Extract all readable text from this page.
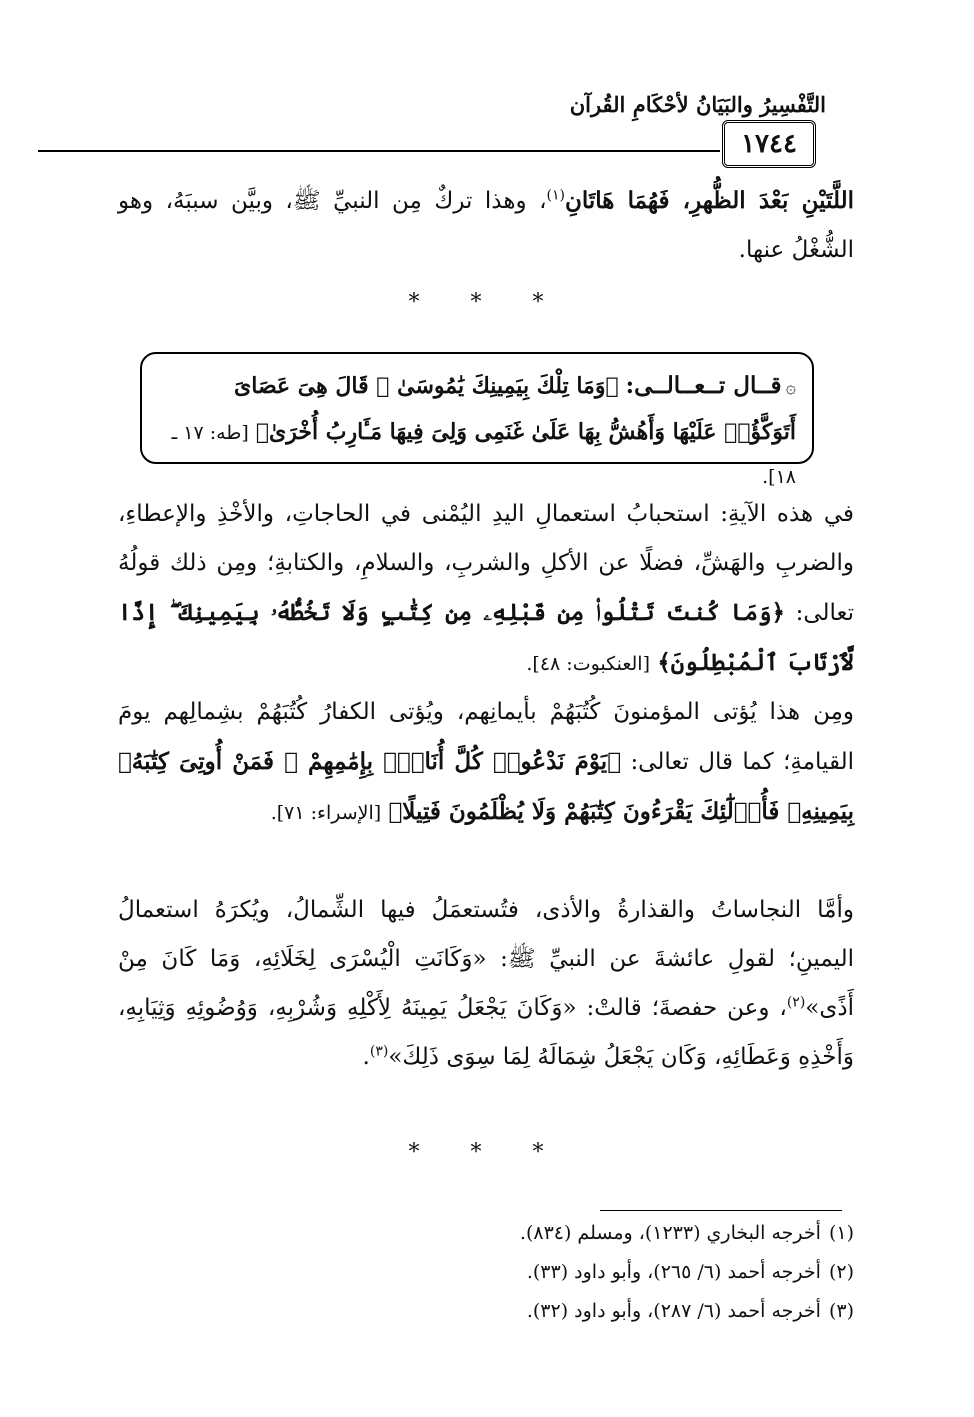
التَّفْسِيرُ والبَيَانُ لأحْكَامِ القُرآن
١٧٤٤
اللَّتَيْنِ بَعْدَ الظُّهرِ، فَهُمَا هَاتَانِ$^{(١)}$، وهذا تركٌ مِن النبيِّ ﷺ، وبيَّن سببَهُ، وهو الشُّغْلُ عنها.
* * *
۞قــال تــعــالــى: ﴿وَمَا تِلْكَ بِيَمِينِكَ يَٰمُوسَىٰ ⑰ قَالَ هِىَ عَصَاىَ أَتَوَكَّؤُا۟ عَلَيْهَا وَأَهُشُّ بِهَا عَلَىٰ غَنَمِى وَلِىَ فِيهَا مَـَٔارِبُ أُخْرَىٰ﴾ [طه: ١٧ ـ ١٨].
في هذه الآيةِ: استحبابُ استعمالِ اليدِ اليُمْنى في الحاجاتِ، والأخْذِ والإعطاءِ، والضربِ والهَشِّ، فضلًا عن الأكلِ والشربِ، والسلامِ، والكتابةِ؛ ومِن ذلك قولُهُ تعالى: ﴿وَمَا كُنتَ تَتْلُوا۟ مِن قَبْلِهِۦ مِن كِتَٰبٍ وَلَا تَخُطُّهُۥ بِيَمِينِكَ ۖ إِذًا لَّٱرْتَابَ ٱلْمُبْطِلُونَ﴾ [العنكبوت: ٤٨].
ومِن هذا يُؤتى المؤمنونَ كُتُبَهُمْ بأيمانِهم، ويُؤتى الكفارُ كُتُبَهُمْ بشِمالِهم يومَ القيامةِ؛ كما قال تعالى: ﴿يَوْمَ نَدْعُوا۟ كُلَّ أُنَاسٍۭ بِإِمَٰمِهِمْ ۖ فَمَنْ أُوتِىَ كِتَٰبَهُۥ بِيَمِينِهِۦ فَأُو۟لَٰٓئِكَ يَقْرَءُونَ كِتَٰبَهُمْ وَلَا يُظْلَمُونَ فَتِيلًا﴾ [الإسراء: ٧١].
وأمَّا النجاساتُ والقذارةُ والأذى، فتُستعمَلُ فيها الشِّمالُ، ويُكرَهُ استعمالُ اليمينِ؛ لقولِ عائشةَ عن النبيِّ ﷺ: «وَكَانَتِ الْيُسْرَى لِخَلَائِهِ، وَمَا كَانَ مِنْ أَذًى»$^{(٢)}$، وعن حفصةَ؛ قالتْ: «وَكَانَ يَجْعَلُ يَمِينَهُ لِأَكْلِهِ وَشُرْبِهِ، وَوُضُوئِهِ وَثِيَابِهِ، وَأَخْذِهِ وَعَطَائِهِ، وَكَان يَجْعَلُ شِمَالَهُ لِمَا سِوَى ذَلِكَ»$^{(٣)}$.
* * *
(١)أخرجه البخاري (١٢٣٣)، ومسلم (٨٣٤).
(٢)أخرجه أحمد (٦/ ٢٦٥)، وأبو داود (٣٣).
(٣)أخرجه أحمد (٦/ ٢٨٧)، وأبو داود (٣٢).
